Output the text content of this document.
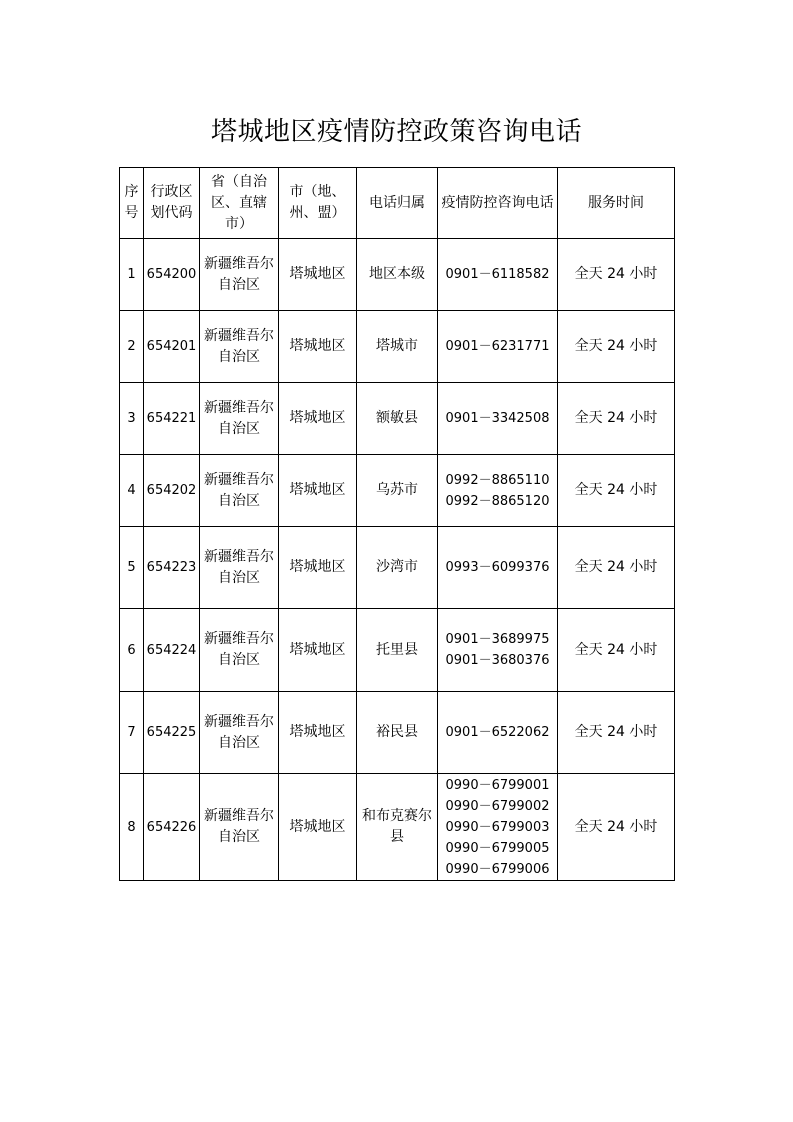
塔城地区疫情防控政策咨询电话
序号	行政区划代码	省（自治区、直辖市）	市（地、州、盟）	电话归属	疫情防控咨询电话	服务时间
1	654200	新疆维吾尔自治区	塔城地区	地区本级	0901－6118582	全天 24 小时
2	654201	新疆维吾尔自治区	塔城地区	塔城市	0901－6231771	全天 24 小时
3	654221	新疆维吾尔自治区	塔城地区	额敏县	0901－3342508	全天 24 小时
4	654202	新疆维吾尔自治区	塔城地区	乌苏市	0992－8865110
0992－8865120	全天 24 小时
5	654223	新疆维吾尔自治区	塔城地区	沙湾市	0993－6099376	全天 24 小时
6	654224	新疆维吾尔自治区	塔城地区	托里县	0901－3689975
0901－3680376	全天 24 小时
7	654225	新疆维吾尔自治区	塔城地区	裕民县	0901－6522062	全天 24 小时
8	654226	新疆维吾尔自治区	塔城地区	和布克赛尔县	0990－6799001
0990－6799002
0990－6799003
0990－6799005
0990－6799006	全天 24 小时
